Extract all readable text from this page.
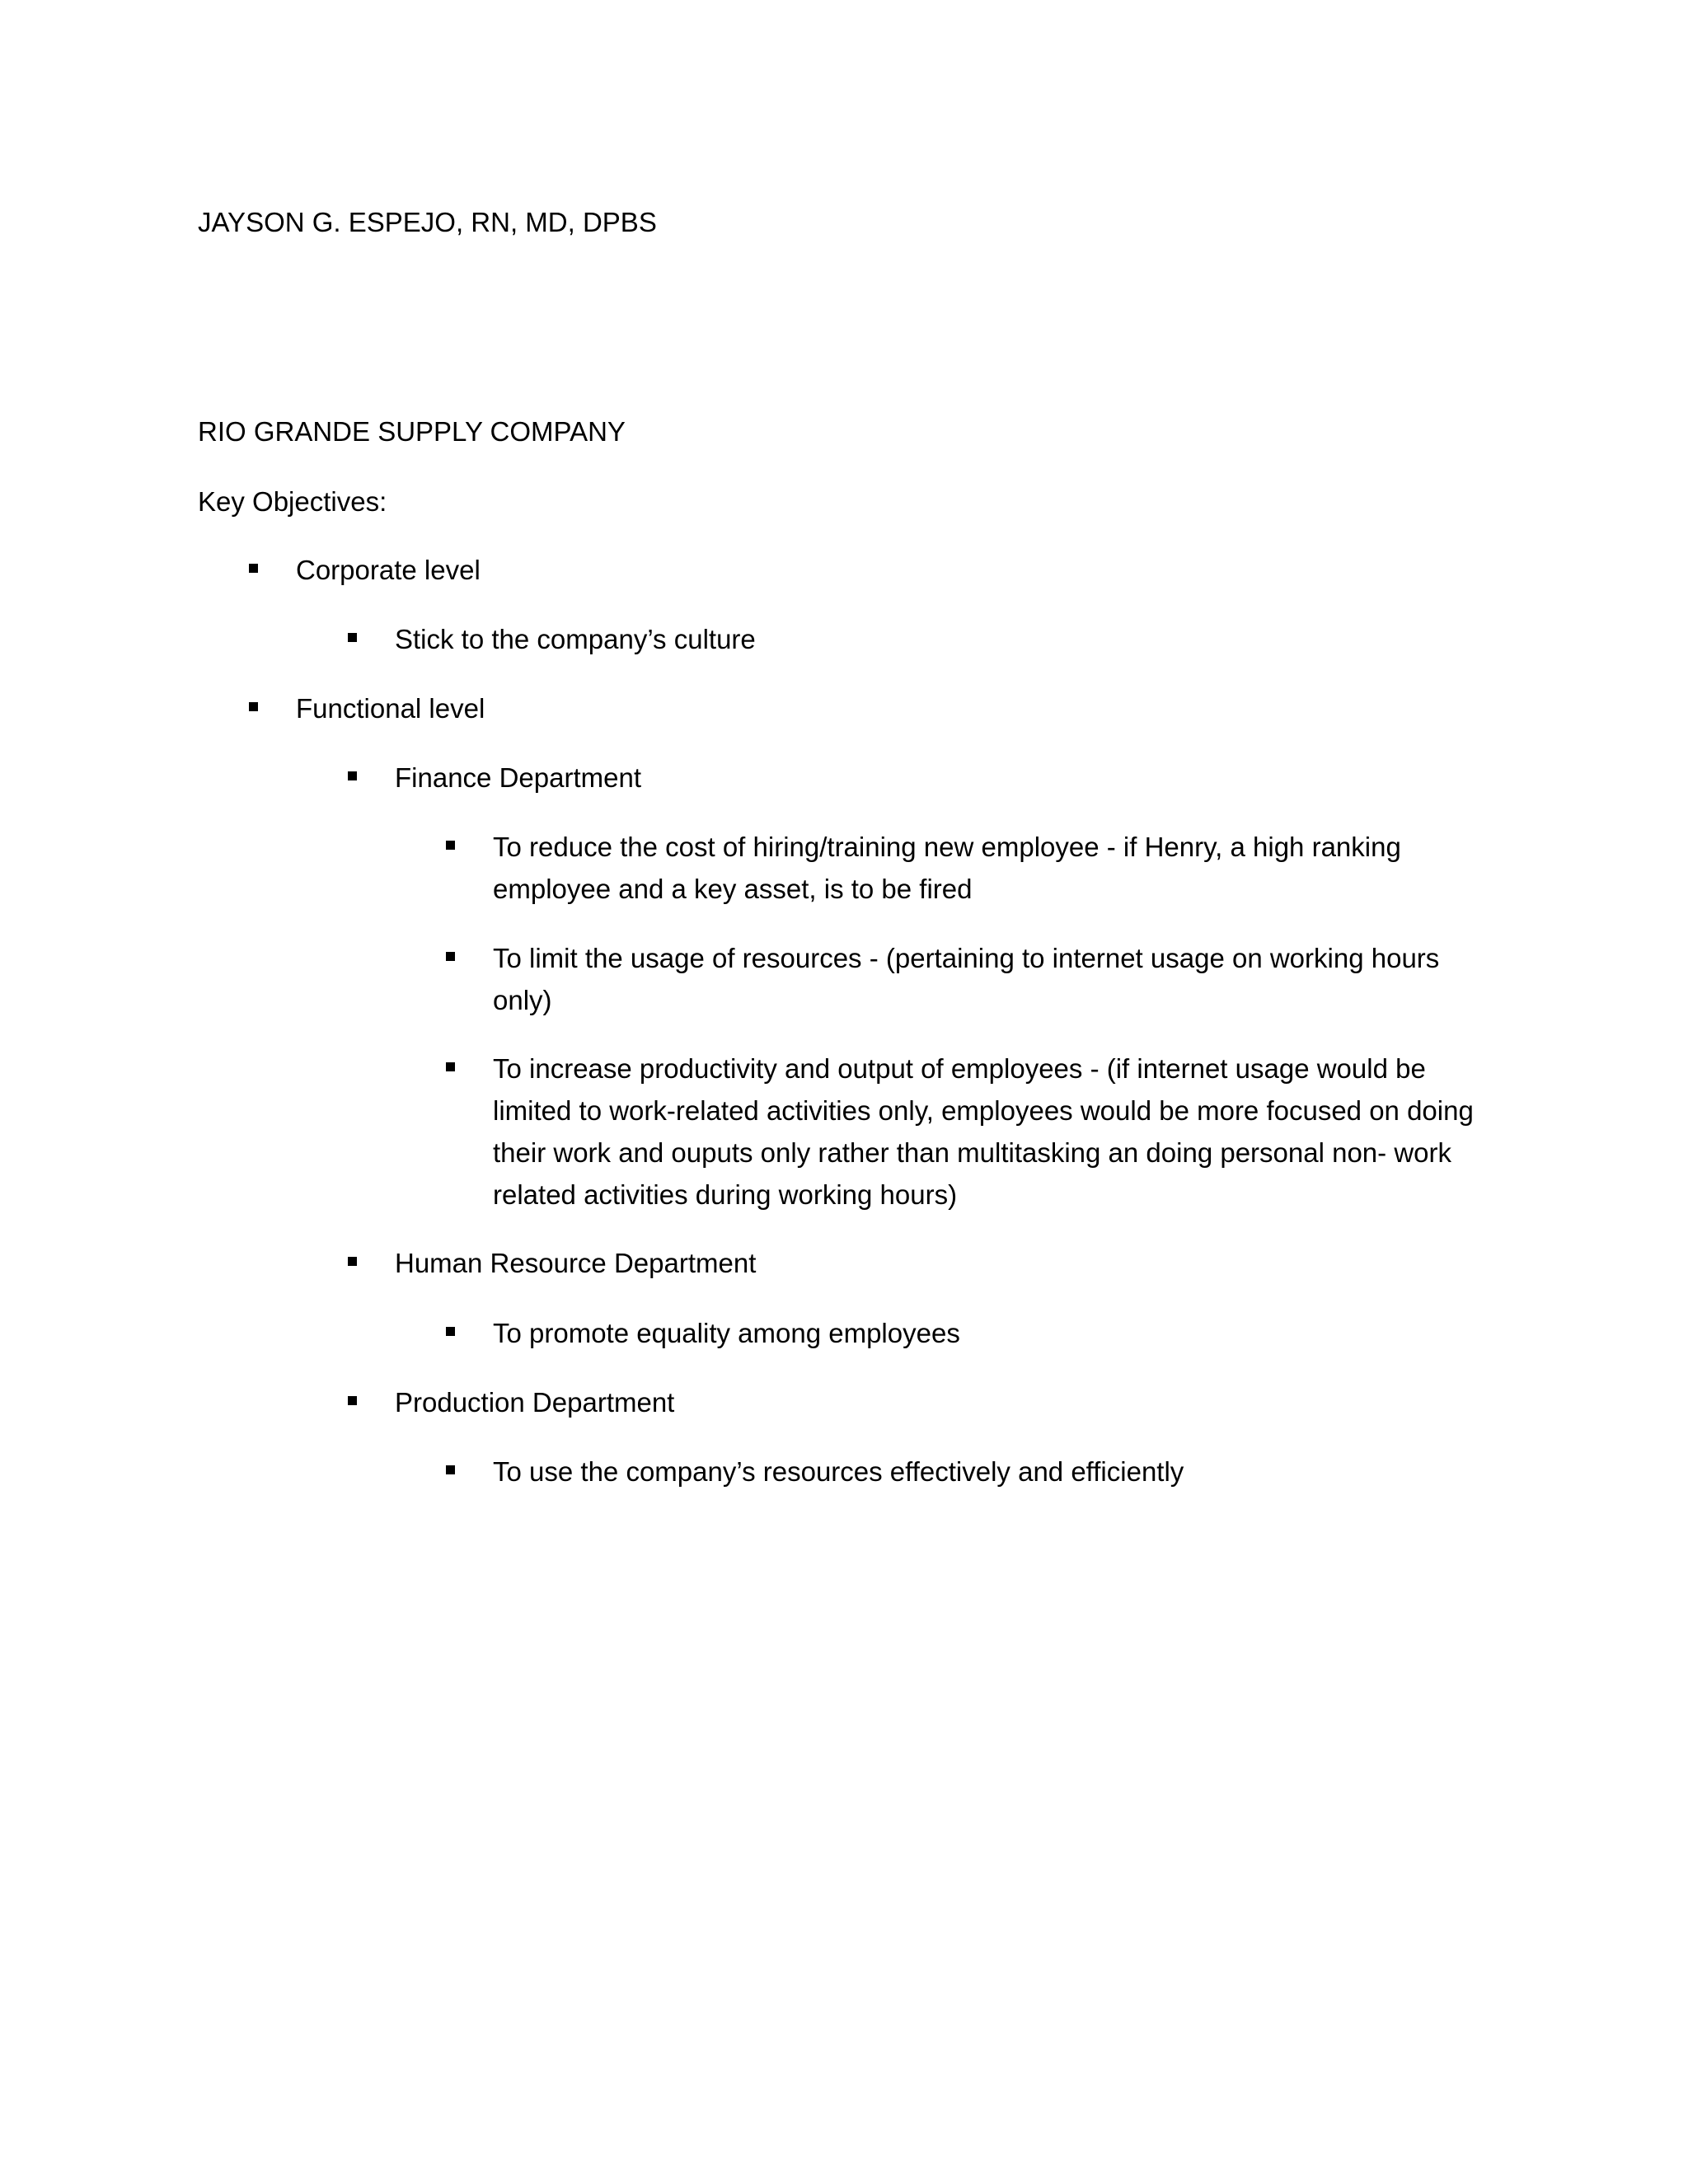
JAYSON G. ESPEJO, RN, MD, DPBS
RIO GRANDE SUPPLY COMPANY
Key Objectives:
Corporate level
Stick to the company’s culture
Functional level
Finance Department
To reduce the cost of hiring/training new employee - if Henry, a high ranking employee and a key asset, is to be fired
To limit the usage of resources - (pertaining to internet usage on working hours only)
To increase productivity and output of employees - (if internet usage would be limited to work-related activities only, employees would be more focused on doing their work and ouputs only rather than multitasking an doing personal non- work related activities during working hours)
Human Resource Department
To promote equality among employees
Production Department
To use the company’s resources effectively and efficiently
